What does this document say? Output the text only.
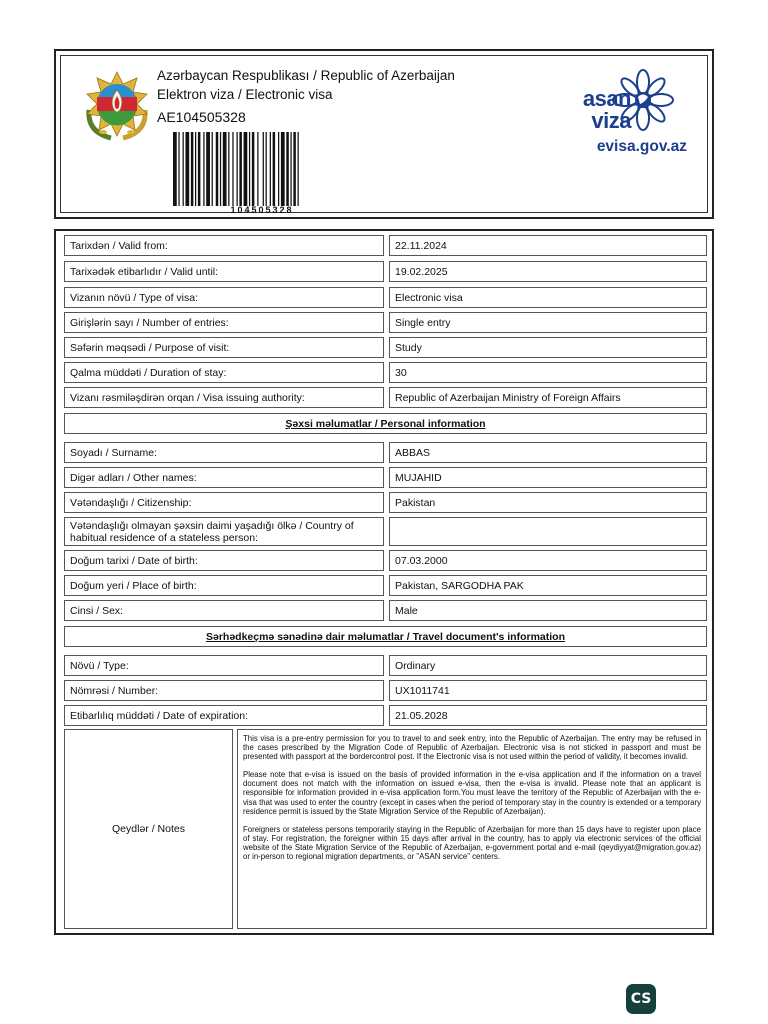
Azərbaycan Respublikası / Republic of Azerbaijan
Elektron viza / Electronic visa
AE104505328
104505328
asan
viza
evisa.gov.az
Tarixdən / Valid from:	22.11.2024
Tarixədək etibarlıdır / Valid until:	19.02.2025
Vizanın növü / Type of visa:	Electronic visa
Girişlərin sayı / Number of entries:	Single entry
Səfərin məqsədi / Purpose of visit:	Study
Qalma müddəti / Duration of stay:	30
Vizanı rəsmiləşdirən orqan / Visa issuing authority:	Republic of Azerbaijan Ministry of Foreign Affairs
Şəxsi məlumatlar / Personal information
Soyadı / Surname:	ABBAS
Digər adları / Other names:	MUJAHID
Vətəndaşlığı / Citizenship:	Pakistan
Vətəndaşlığı olmayan şəxsin daimi yaşadığı ölkə / Country of habitual residence of a stateless person:
Doğum tarixi / Date of birth:	07.03.2000
Doğum yeri / Place of birth:	Pakistan, SARGODHA PAK
Cinsi / Sex:	Male
Sərhədkeçmə sənədinə dair məlumatlar / Travel document's information
Növü / Type:	Ordinary
Nömrəsi / Number:	UX1011741
Etibarlılıq müddəti / Date of expiration:	21.05.2028
Qeydlər / Notes

This visa is a pre-entry permission for you to travel to and seek entry, into the Republic of Azerbaijan. The entry may be refused in the cases prescribed by the Migration Code of Republic of Azerbaijan. Electronic visa is not sticked in passport and must be presented with passport at the bordercontrol post. If the Electronic visa is not used within the period of validity, it becomes invalid.

Please note that e-visa is issued on the basis of provided information in the e-visa application and if the information on a travel document does not match with the information on issued e-visa, then the e-visa is invalid. Please note that an applicant is responsible for information provided in e-visa application form.You must leave the territory of the Republic of Azerbaijan with the e-visa that was used to enter the country (except in cases when the period of temporary stay in the country is extended or a temporary residence permit is issued by the State Migration Service of the Republic of Azerbaijan).

Foreigners or stateless persons temporarily staying in the Republic of Azerbaijan for more than 15 days have to register upon place of stay. For registration, the foreigner within 15 days after arrival in the country, has to apply via electronic services of the official website of the State Migration Service of the Republic of Azerbaijan, e-government portal and e-mail (qeydiyyat@migration.gov.az) or in-person to regional migration departments, or "ASAN service" centers.

CS
